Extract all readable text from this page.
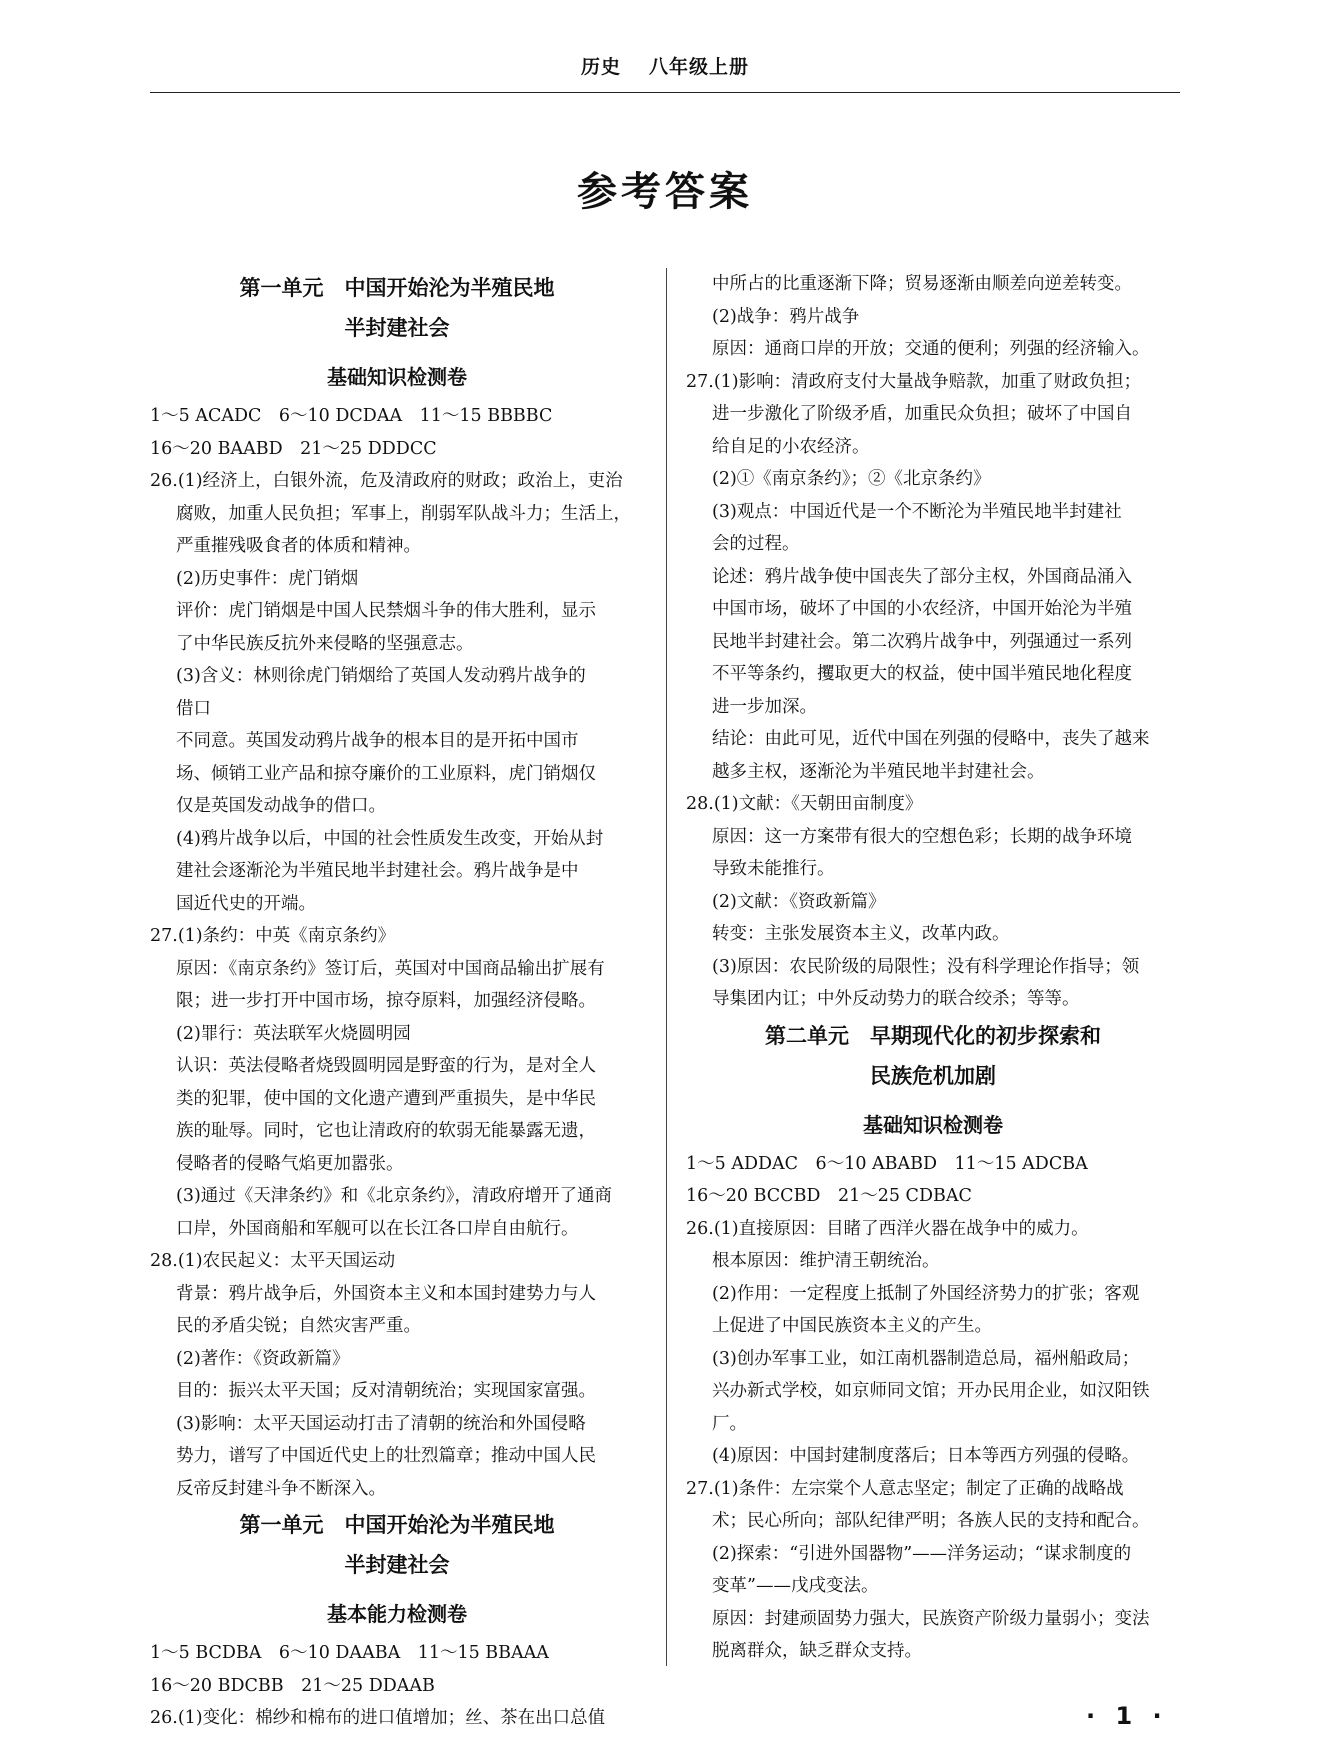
历史 八年级上册
参考答案
第一单元　中国开始沦为半殖民地
半封建社会
基础知识检测卷
1～5 ACADC　6～10 DCDAA　11～15 BBBBC
16～20 BAABD　21～25 DDDCC
26.(1)经济上，白银外流，危及清政府的财政；政治上，吏治
腐败，加重人民负担；军事上，削弱军队战斗力；生活上，
严重摧残吸食者的体质和精神。
(2)历史事件：虎门销烟
评价：虎门销烟是中国人民禁烟斗争的伟大胜利，显示
了中华民族反抗外来侵略的坚强意志。
(3)含义：林则徐虎门销烟给了英国人发动鸦片战争的
借口
不同意。英国发动鸦片战争的根本目的是开拓中国市
场、倾销工业产品和掠夺廉价的工业原料，虎门销烟仅
仅是英国发动战争的借口。
(4)鸦片战争以后，中国的社会性质发生改变，开始从封
建社会逐渐沦为半殖民地半封建社会。鸦片战争是中
国近代史的开端。
27.(1)条约：中英《南京条约》
原因：《南京条约》签订后，英国对中国商品输出扩展有
限；进一步打开中国市场，掠夺原料，加强经济侵略。
(2)罪行：英法联军火烧圆明园
认识：英法侵略者烧毁圆明园是野蛮的行为，是对全人
类的犯罪，使中国的文化遗产遭到严重损失，是中华民
族的耻辱。同时，它也让清政府的软弱无能暴露无遗，
侵略者的侵略气焰更加嚣张。
(3)通过《天津条约》和《北京条约》，清政府增开了通商
口岸，外国商船和军舰可以在长江各口岸自由航行。
28.(1)农民起义：太平天国运动
背景：鸦片战争后，外国资本主义和本国封建势力与人
民的矛盾尖锐；自然灾害严重。
(2)著作：《资政新篇》
目的：振兴太平天国；反对清朝统治；实现国家富强。
(3)影响：太平天国运动打击了清朝的统治和外国侵略
势力，谱写了中国近代史上的壮烈篇章；推动中国人民
反帝反封建斗争不断深入。
第一单元　中国开始沦为半殖民地
半封建社会
基本能力检测卷
1～5 BCDBA　6～10 DAABA　11～15 BBAAA
16～20 BDCBB　21～25 DDAAB
26.(1)变化：棉纱和棉布的进口值增加；丝、茶在出口总值
中所占的比重逐渐下降；贸易逐渐由顺差向逆差转变。
(2)战争：鸦片战争
原因：通商口岸的开放；交通的便利；列强的经济输入。
27.(1)影响：清政府支付大量战争赔款，加重了财政负担；
进一步激化了阶级矛盾，加重民众负担；破坏了中国自
给自足的小农经济。
(2)①《南京条约》；②《北京条约》
(3)观点：中国近代是一个不断沦为半殖民地半封建社
会的过程。
论述：鸦片战争使中国丧失了部分主权，外国商品涌入
中国市场，破坏了中国的小农经济，中国开始沦为半殖
民地半封建社会。第二次鸦片战争中，列强通过一系列
不平等条约，攫取更大的权益，使中国半殖民地化程度
进一步加深。
结论：由此可见，近代中国在列强的侵略中，丧失了越来
越多主权，逐渐沦为半殖民地半封建社会。
28.(1)文献：《天朝田亩制度》
原因：这一方案带有很大的空想色彩；长期的战争环境
导致未能推行。
(2)文献：《资政新篇》
转变：主张发展资本主义，改革内政。
(3)原因：农民阶级的局限性；没有科学理论作指导；领
导集团内讧；中外反动势力的联合绞杀；等等。
第二单元　早期现代化的初步探索和
民族危机加剧
基础知识检测卷
1～5 ADDAC　6～10 ABABD　11～15 ADCBA
16～20 BCCBD　21～25 CDBAC
26.(1)直接原因：目睹了西洋火器在战争中的威力。
根本原因：维护清王朝统治。
(2)作用：一定程度上抵制了外国经济势力的扩张；客观
上促进了中国民族资本主义的产生。
(3)创办军事工业，如江南机器制造总局，福州船政局；
兴办新式学校，如京师同文馆；开办民用企业，如汉阳铁
厂。
(4)原因：中国封建制度落后；日本等西方列强的侵略。
27.(1)条件：左宗棠个人意志坚定；制定了正确的战略战
术；民心所向；部队纪律严明；各族人民的支持和配合。
(2)探索：“引进外国器物”——洋务运动；“谋求制度的
变革”——戊戌变法。
原因：封建顽固势力强大，民族资产阶级力量弱小；变法
脱离群众，缺乏群众支持。
· 1 ·
